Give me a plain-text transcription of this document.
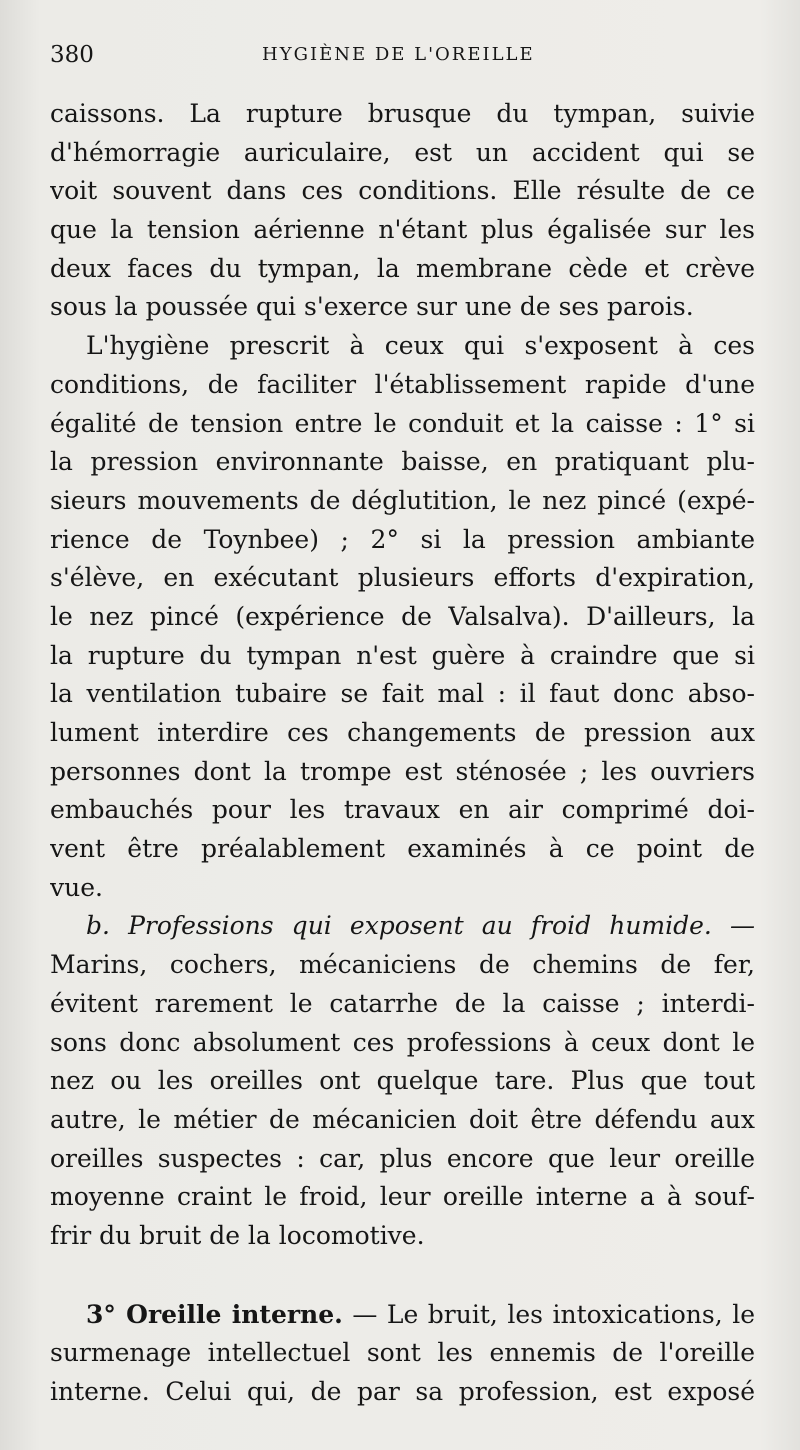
380	HYGIÈNE DE L'OREILLE
caissons. La rupture brusque du tympan, suivie
d'hémorragie auriculaire, est un accident qui se
voit souvent dans ces conditions. Elle résulte de ce
que la tension aérienne n'étant plus égalisée sur les
deux faces du tympan, la membrane cède et crève
sous la poussée qui s'exerce sur une de ses parois.
L'hygiène prescrit à ceux qui s'exposent à ces
conditions, de faciliter l'établissement rapide d'une
égalité de tension entre le conduit et la caisse : 1° si
la pression environnante baisse, en pratiquant plu-
sieurs mouvements de déglutition, le nez pincé (expé-
rience de Toynbee) ; 2° si la pression ambiante
s'élève, en exécutant plusieurs efforts d'expiration,
le nez pincé (expérience de Valsalva). D'ailleurs, la
la rupture du tympan n'est guère à craindre que si
la ventilation tubaire se fait mal : il faut donc abso-
lument interdire ces changements de pression aux
personnes dont la trompe est sténosée ; les ouvriers
embauchés pour les travaux en air comprimé doi-
vent être préalablement examinés à ce point de
vue.
b. Professions qui exposent au froid humide. —
Marins, cochers, mécaniciens de chemins de fer,
évitent rarement le catarrhe de la caisse ; interdi-
sons donc absolument ces professions à ceux dont le
nez ou les oreilles ont quelque tare. Plus que tout
autre, le métier de mécanicien doit être défendu aux
oreilles suspectes : car, plus encore que leur oreille
moyenne craint le froid, leur oreille interne a à souf-
frir du bruit de la locomotive.
3° Oreille interne. — Le bruit, les intoxications, le
surmenage intellectuel sont les ennemis de l'oreille
interne. Celui qui, de par sa profession, est exposé
